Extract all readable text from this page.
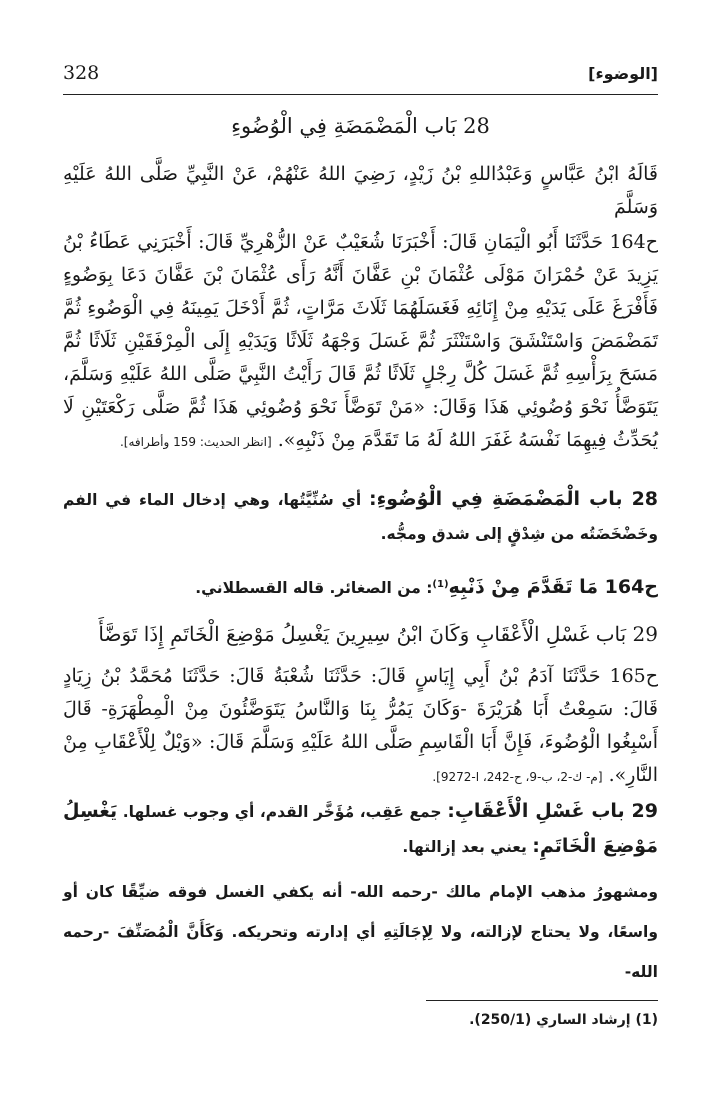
328	[الوضوء]
28 بَاب الْمَضْمَضَةِ فِي الْوُضُوءِ
قَالَهُ ابْنُ عَبَّاسٍ وَعَبْدُاللهِ بْنُ زَيْدٍ، رَضِيَ اللهُ عَنْهُمْ، عَنْ النَّبِيِّ صَلَّى اللهُ عَلَيْهِ وَسَلَّمَ
ح164 حَدَّثَنَا أَبُو الْيَمَانِ قَالَ: أَخْبَرَنَا شُعَيْبٌ عَنْ الزُّهْرِيِّ قَالَ: أَخْبَرَنِي عَطَاءُ بْنُ يَزِيدَ عَنْ حُمْرَانَ مَوْلَى عُثْمَانَ بْنِ عَفَّانَ أَنَّهُ رَأَى عُثْمَانَ بْنَ عَفَّانَ دَعَا بِوَضُوءٍ فَأَفْرَغَ عَلَى يَدَيْهِ مِنْ إِنَائِهِ فَغَسَلَهُمَا ثَلَاثَ مَرَّاتٍ، ثُمَّ أَدْخَلَ يَمِينَهُ فِي الْوَضُوءِ ثُمَّ تَمَضْمَضَ وَاسْتَنْشَقَ وَاسْتَنْثَرَ ثُمَّ غَسَلَ وَجْهَهُ ثَلَاثًا وَيَدَيْهِ إِلَى الْمِرْفَقَيْنِ ثَلَاثًا ثُمَّ مَسَحَ بِرَأْسِهِ ثُمَّ غَسَلَ كُلَّ رِجْلٍ ثَلَاثًا ثُمَّ قَالَ رَأَيْتُ النَّبِيَّ صَلَّى اللهُ عَلَيْهِ وَسَلَّمَ، يَتَوَضَّأُ نَحْوَ وُضُوئِي هَذَا وَقَالَ: «مَنْ تَوَضَّأَ نَحْوَ وُضُوئِي هَذَا ثُمَّ صَلَّى رَكْعَتَيْنِ لَا يُحَدِّثُ فِيهِمَا نَفْسَهُ غَفَرَ اللهُ لَهُ مَا تَقَدَّمَ مِنْ ذَنْبِهِ». [انظر الحديث: 159 وأطرافه].
28 باب الْمَضْمَضَةِ فِي الْوُضُوءِ: أي سُنِّيَّتُها، وهي إدخال الماء في الفم وخَضْخَضَتُه من شِدْقٍ إلى شدق ومجُّه.
ح164 مَا تَقَدَّمَ مِنْ ذَنْبِهِ$^{(1)}$: من الصغائر. قاله القسطلاني.
29 بَاب غَسْلِ الْأَعْقَابِ وَكَانَ ابْنُ سِيرِينَ يَغْسِلُ مَوْضِعَ الْخَاتَمِ إِذَا تَوَضَّأَ
ح165 حَدَّثَنَا آدَمُ بْنُ أَبِي إِيَاسٍ قَالَ: حَدَّثَنَا شُعْبَةُ قَالَ: حَدَّثَنَا مُحَمَّدُ بْنُ زِيَادٍ قَالَ: سَمِعْتُ أَبَا هُرَيْرَةَ -وَكَانَ يَمُرُّ بِنَا وَالنَّاسُ يَتَوَضَّئُونَ مِنْ الْمِطْهَرَةِ- قَالَ أَسْبِغُوا الْوُضُوءَ، فَإِنَّ أَبَا الْقَاسِمِ صَلَّى اللهُ عَلَيْهِ وَسَلَّمَ قَالَ: «وَيْلٌ لِلْأَعْقَابِ مِنْ النَّارِ». [م- ك-2، ب-9، ح-242، ا-9272].
29 باب غَسْلِ الْأَعْقَابِ: جمع عَقِب، مُؤَخَّر القدم، أي وجوب غسلها. يَغْسِلُ مَوْضِعَ الْخَاتَمِ: يعني بعد إزالتها.
ومشهورُ مذهب الإمام مالك -رحمه الله- أنه يكفي الغسل فوقه ضيِّقًا كان أو واسعًا، ولا يحتاج لإزالته، ولا لِإجَالَتِهِ أي إدارته وتحريكه. وَكَأَنَّ الْمُصَنِّفَ -رحمه الله-
(1) إرشاد الساري (250/1).
